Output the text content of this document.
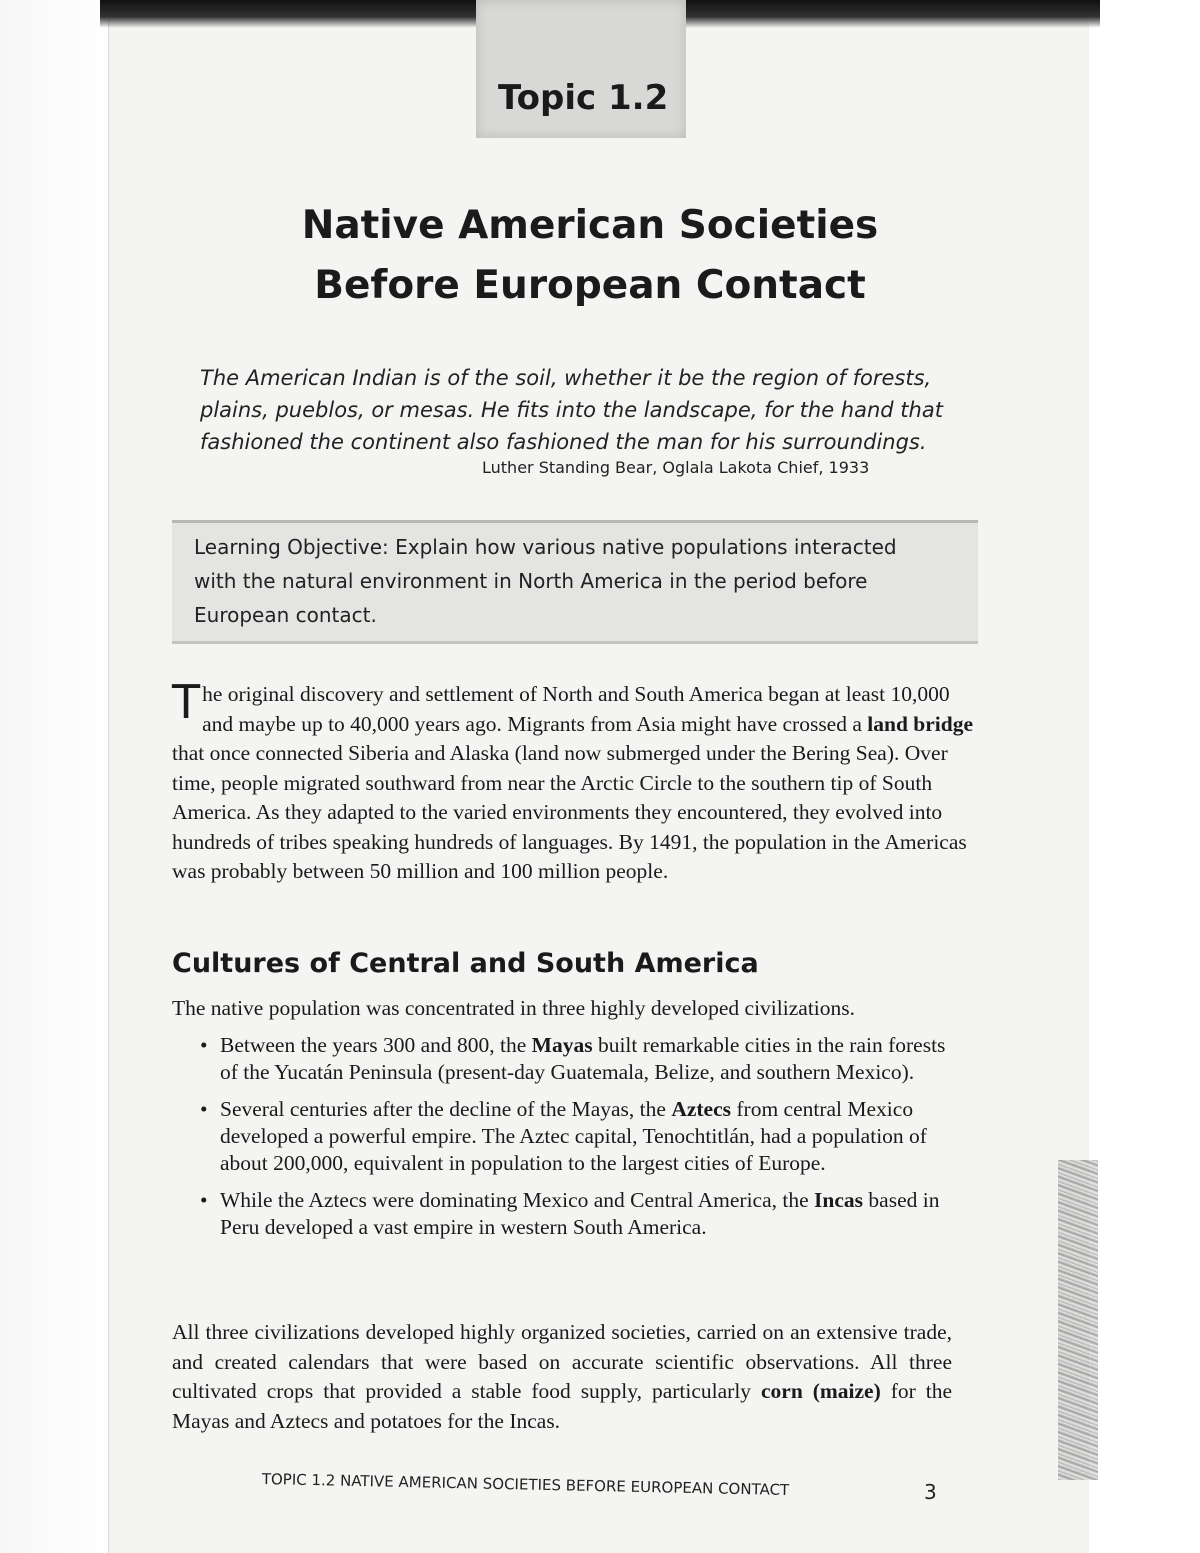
Topic 1.2
Native American Societies
Before European Contact
The American Indian is of the soil, whether it be the region of forests,
plains, pueblos, or mesas. He fits into the landscape, for the hand that
fashioned the continent also fashioned the man for his surroundings.
Luther Standing Bear, Oglala Lakota Chief, 1933
Learning Objective: Explain how various native populations interacted
with the natural environment in North America in the period before
European contact.
The original discovery and settlement of North and South America began at least 10,000 and maybe up to 40,000 years ago. Migrants from Asia might have crossed a land bridge that once connected Siberia and Alaska (land now submerged under the Bering Sea). Over time, people migrated southward from near the Arctic Circle to the southern tip of South America. As they adapted to the varied environments they encountered, they evolved into hundreds of tribes speaking hundreds of languages. By 1491, the population in the Americas was probably between 50 million and 100 million people.
Cultures of Central and South America
The native population was concentrated in three highly developed civilizations.
• Between the years 300 and 800, the Mayas built remarkable cities in the rain forests of the Yucatán Peninsula (present-day Guatemala, Belize, and southern Mexico).
• Several centuries after the decline of the Mayas, the Aztecs from central Mexico developed a powerful empire. The Aztec capital, Tenochtitlán, had a population of about 200,000, equivalent in population to the largest cities of Europe.
• While the Aztecs were dominating Mexico and Central America, the Incas based in Peru developed a vast empire in western South America.
All three civilizations developed highly organized societies, carried on an extensive trade, and created calendars that were based on accurate scientific observations. All three cultivated crops that provided a stable food supply, particularly corn (maize) for the Mayas and Aztecs and potatoes for the Incas.
TOPIC 1.2 NATIVE AMERICAN SOCIETIES BEFORE EUROPEAN CONTACT	3
